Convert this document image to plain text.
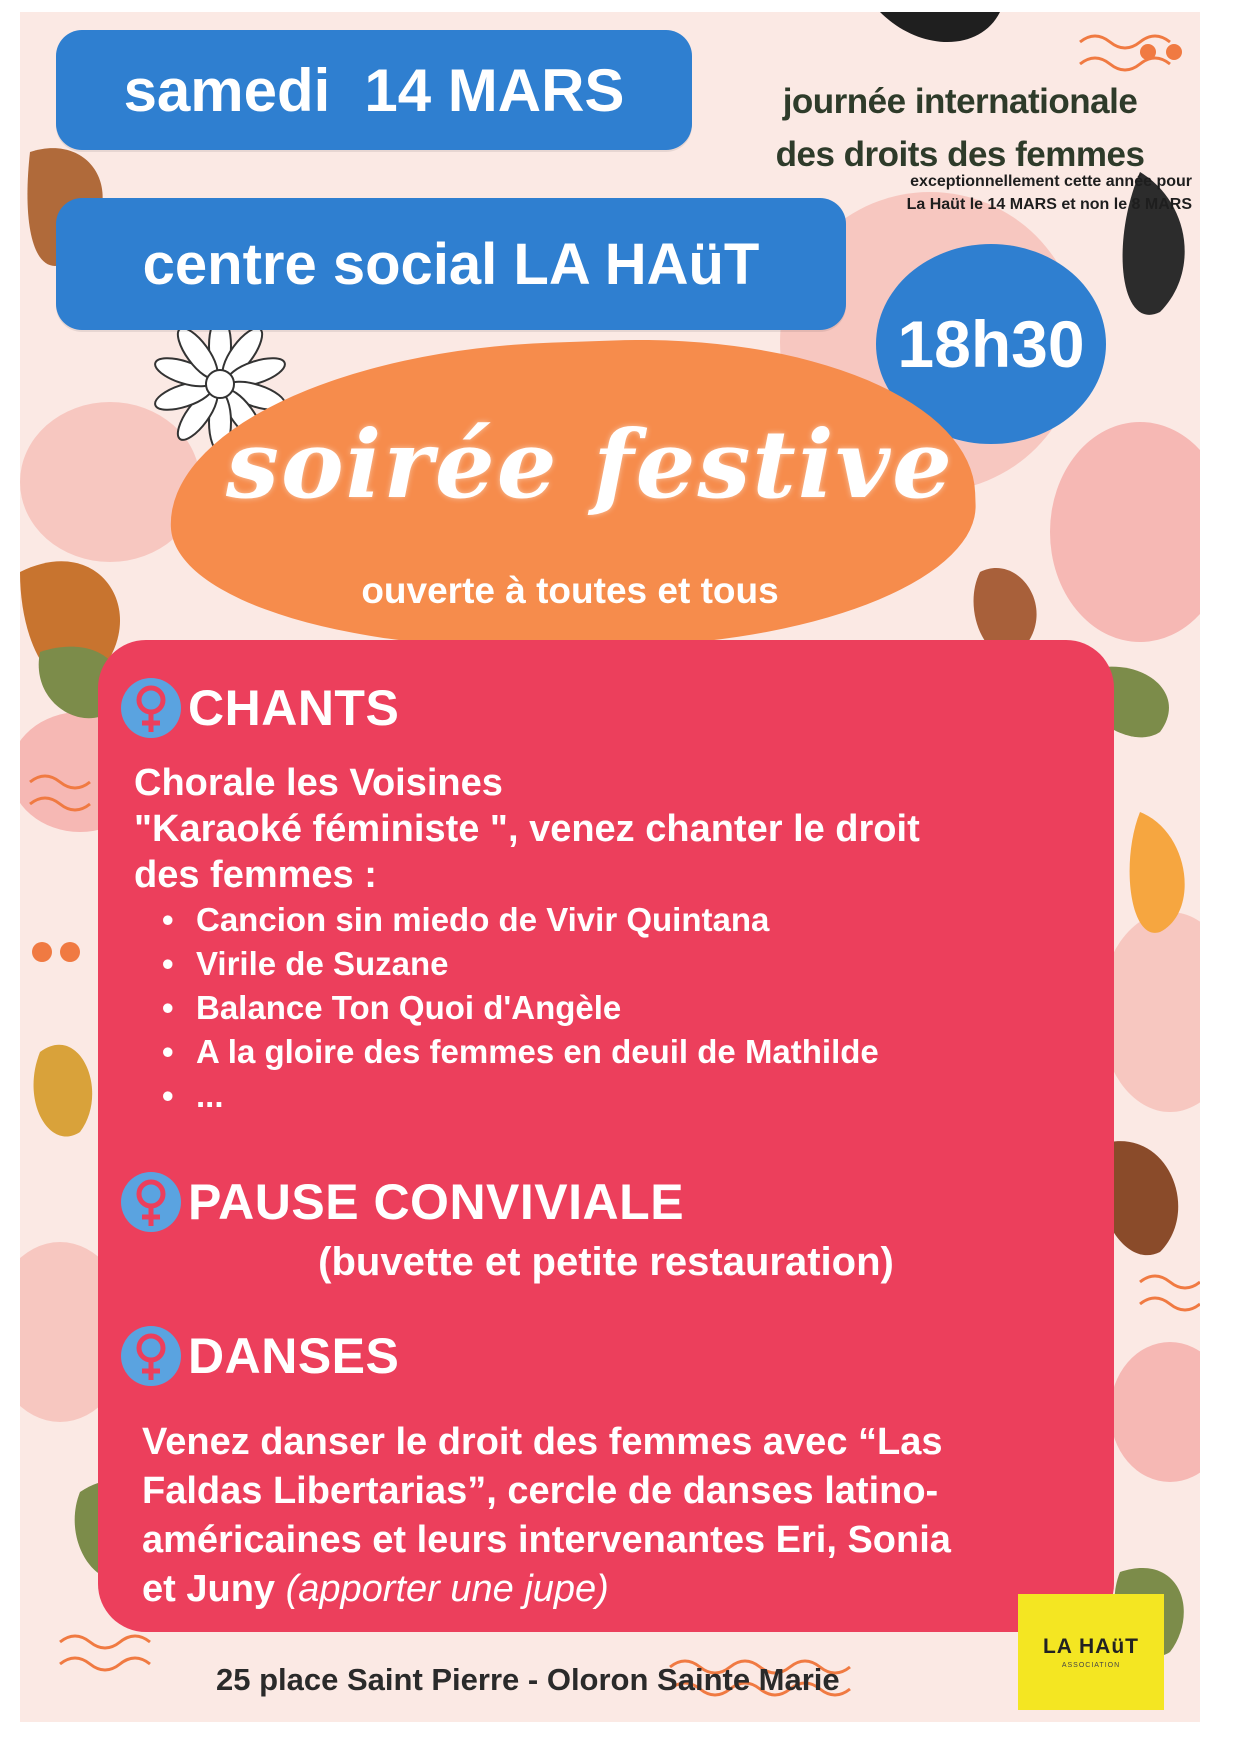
samedi 14 MARS	journée internationale
des droits des femmes
exceptionnellement cette année pour
La Haüt le 14 MARS et non le 8 MARS
centre social LA HAüT
18h30
soirée festive
ouverte à toutes et tous
CHANTS
Chorale les Voisines
"Karaoké féministe ", venez chanter le droit
des femmes :
• Cancion sin miedo de Vivir Quintana
• Virile de Suzane
• Balance Ton Quoi d'Angèle
• A la gloire des femmes en deuil de Mathilde
• ...
PAUSE CONVIVIALE
(buvette et petite restauration)
DANSES
Venez danser le droit des femmes avec “Las
Faldas Libertarias”, cercle de danses latino-
américaines et leurs intervenantes Eri, Sonia
et Juny (apporter une jupe)
25 place Saint Pierre - Oloron Sainte Marie
LA HAüT
ASSOCIATION
